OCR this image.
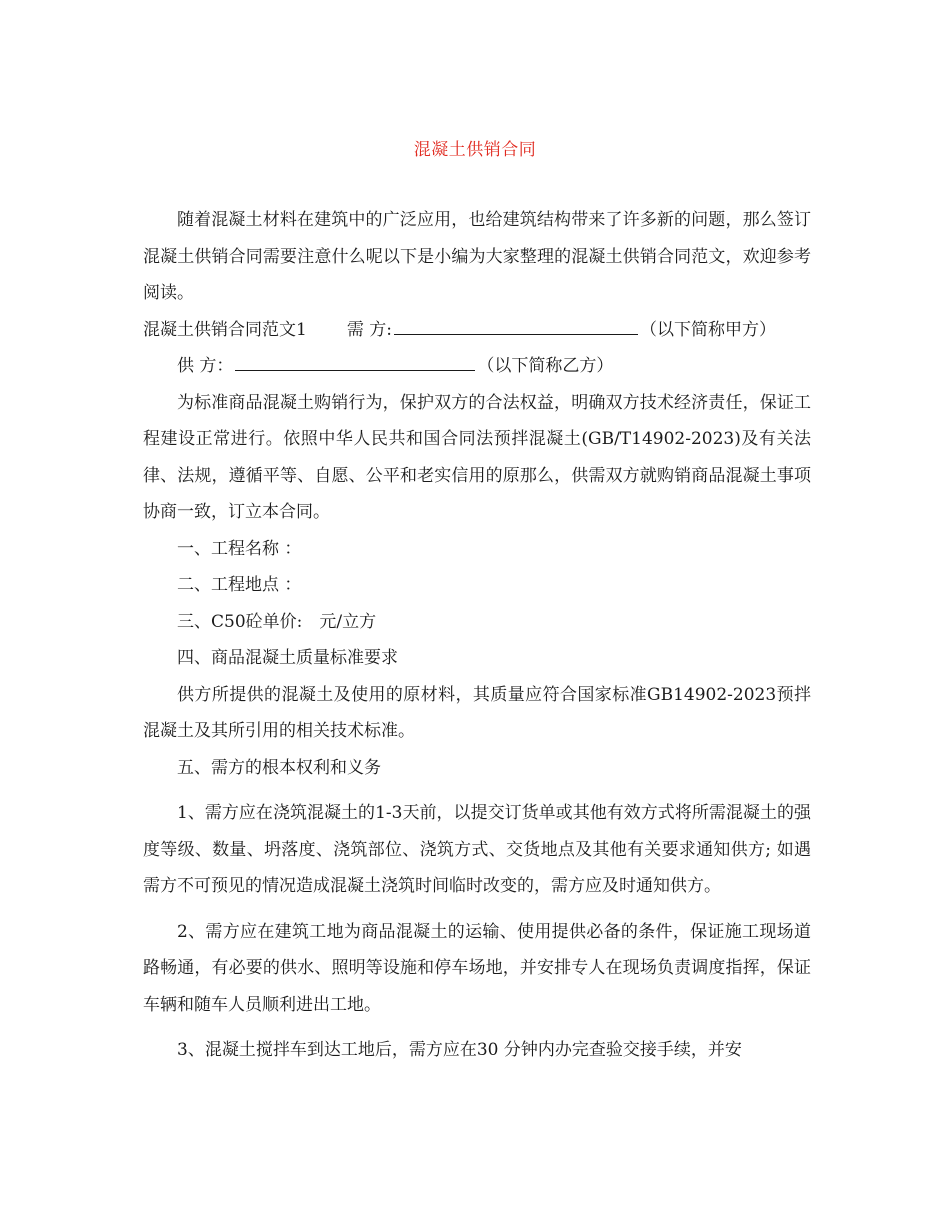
混凝土供销合同

随着混凝土材料在建筑中的广泛应用，也给建筑结构带来了许多新的问题，那么签订混凝土供销合同需要注意什么呢以下是小编为大家整理的混凝土供销合同范文，欢迎参考阅读。

混凝土供销合同范文1 需 方:	（以下简称甲方）

供 方：	（以下简称乙方）

为标准商品混凝土购销行为，保护双方的合法权益，明确双方技术经济责任，保证工程建设正常进行。依照中华人民共和国合同法预拌混凝土(GB/T14902-2023)及有关法律、法规，遵循平等、自愿、公平和老实信用的原那么，供需双方就购销商品混凝土事项协商一致，订立本合同。

一、工程名称 ：

二、工程地点 ：

三、C50砼单价:　元/立方

四、商品混凝土质量标准要求

供方所提供的混凝土及使用的原材料，其质量应符合国家标准GB14902-2023预拌混凝土及其所引用的相关技术标准。

五、需方的根本权利和义务

1、需方应在浇筑混凝土的1-3天前，以提交订货单或其他有效方式将所需混凝土的强度等级、数量、坍落度、浇筑部位、浇筑方式、交货地点及其他有关要求通知供方; 如遇需方不可预见的情况造成混凝土浇筑时间临时改变的，需方应及时通知供方。

2、需方应在建筑工地为商品混凝土的运输、使用提供必备的条件，保证施工现场道路畅通，有必要的供水、照明等设施和停车场地，并安排专人在现场负责调度指挥，保证车辆和随车人员顺利进出工地。

3、混凝土搅拌车到达工地后，需方应在30 分钟内办完查验交接手续，并安
